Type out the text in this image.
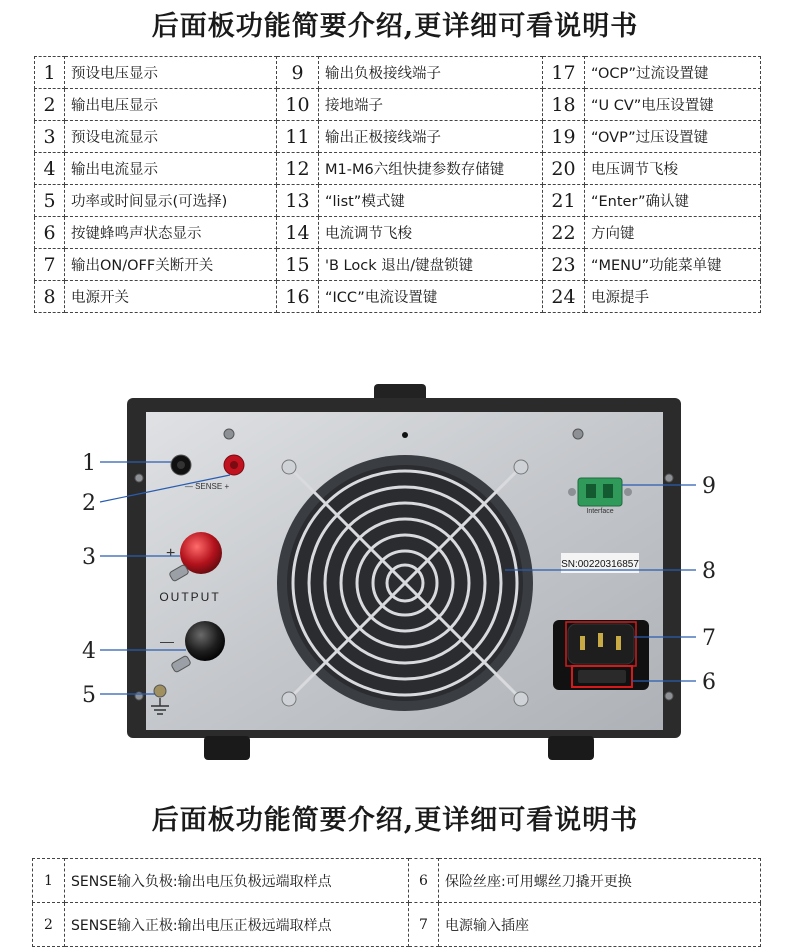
后面板功能简要介绍,更详细可看说明书
1	预设电压显示	9	输出负极接线端子	17	“OCP”过流设置键
2	输出电压显示	10	接地端子	18	“U CV”电压设置键
3	预设电流显示	11	输出正极接线端子	19	“OVP”过压设置键
4	输出电流显示	12	M1-M6六组快捷参数存储键	20	电压调节飞梭
5	功率或时间显示(可选择)	13	“list”模式键	21	“Enter”确认键
6	按键蜂鸣声状态显示	14	电流调节飞梭	22	方向键
7	输出ON/OFF关断开关	15	'B Lock 退出/键盘锁键	23	“MENU”功能菜单键
8	电源开关	16	“ICC”电流设置键	24	电源提手
— SENSE +
+
OUTPUT
—
Interface
SN:00220316857
1
2
3
4
5
6
7
8
9
后面板功能简要介绍,更详细可看说明书
1	SENSE输入负极:输出电压负极远端取样点	6	保险丝座:可用螺丝刀撬开更换
2	SENSE输入正极:输出电压正极远端取样点	7	电源输入插座
